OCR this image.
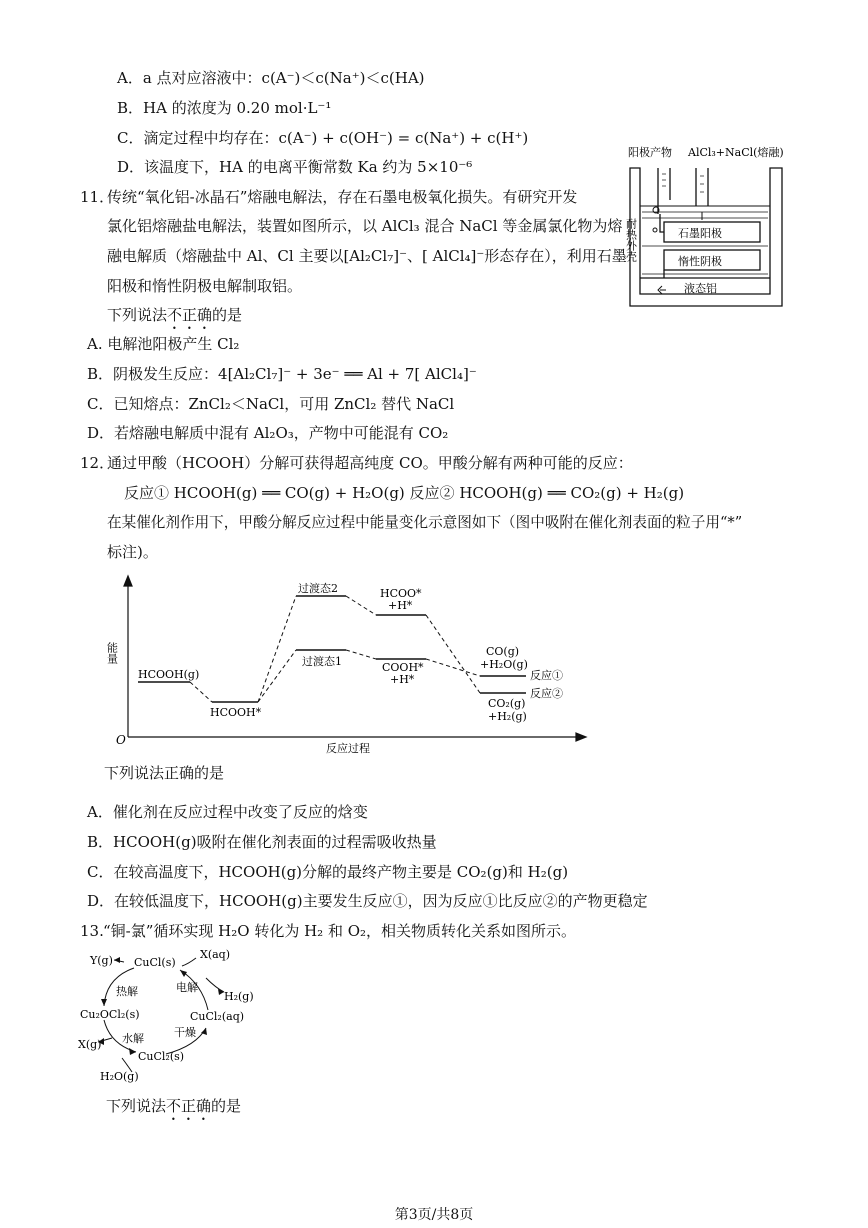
A．a 点对应溶液中：c(A⁻)＜c(Na⁺)＜c(HA)
B．HA 的浓度为 0.20 mol·L⁻¹
C．滴定过程中均存在：c(A⁻) + c(OH⁻) = c(Na⁺) + c(H⁺)
D．该温度下，HA 的电离平衡常数 Ka 约为 5×10⁻⁶
11．
传统“氧化铝-冰晶石”熔融电解法，存在石墨电极氧化损失。有研究开发
氯化铝熔融盐电解法，装置如图所示，以 AlCl₃ 混合 NaCl 等金属氯化物为熔
融电解质（熔融盐中 Al、Cl 主要以[Al₂Cl₇]⁻、[ AlCl₄]⁻形态存在），利用石墨
阳极和惰性阴极电解制取铝。
下列说法不正确的是
A. 电解池阳极产生 Cl₂
B．阴极发生反应：4[Al₂Cl₇]⁻ + 3e⁻ ══ Al + 7[ AlCl₄]⁻
C．已知熔点：ZnCl₂＜NaCl，可用 ZnCl₂ 替代 NaCl
D．若熔融电解质中混有 Al₂O₃，产物中可能混有 CO₂
阳极产物 AlCl₃+NaCl(熔融)
耐热外壳	石墨阳极
惰性阴极
液态铝
12．
通过甲酸（HCOOH）分解可获得超高纯度 CO。甲酸分解有两种可能的反应：
反应① HCOOH(g) ══ CO(g) + H₂O(g) 反应② HCOOH(g) ══ CO₂(g) + H₂(g)
在某催化剂作用下，甲酸分解反应过程中能量变化示意图如下（图中吸附在催化剂表面的粒子用“*”
标注)。
能量
反应过程
O
HCOOH(g)
HCOOH*
过渡态2
过渡态1
HCOO*
+H*
COOH*
+H*
CO(g)
+H₂O(g)
CO₂(g)
+H₂(g)
反应①
反应②
下列说法正确的是
A．催化剂在反应过程中改变了反应的焓变
B．HCOOH(g)吸附在催化剂表面的过程需吸收热量
C．在较高温度下，HCOOH(g)分解的最终产物主要是 CO₂(g)和 H₂(g)
D．在较低温度下，HCOOH(g)主要发生反应①，因为反应①比反应②的产物更稳定
13. “铜-氯”循环实现 H₂O 转化为 H₂ 和 O₂，相关物质转化关系如图所示。
Y(g) CuCl(s)
X(aq)
热解	电解
H₂(g)
Cu₂OCl₂(s)	CuCl₂(aq)
干燥
水解
X(g)
CuCl₂(s)
H₂O(g)
下列说法不正确的是
第3页/共8页
